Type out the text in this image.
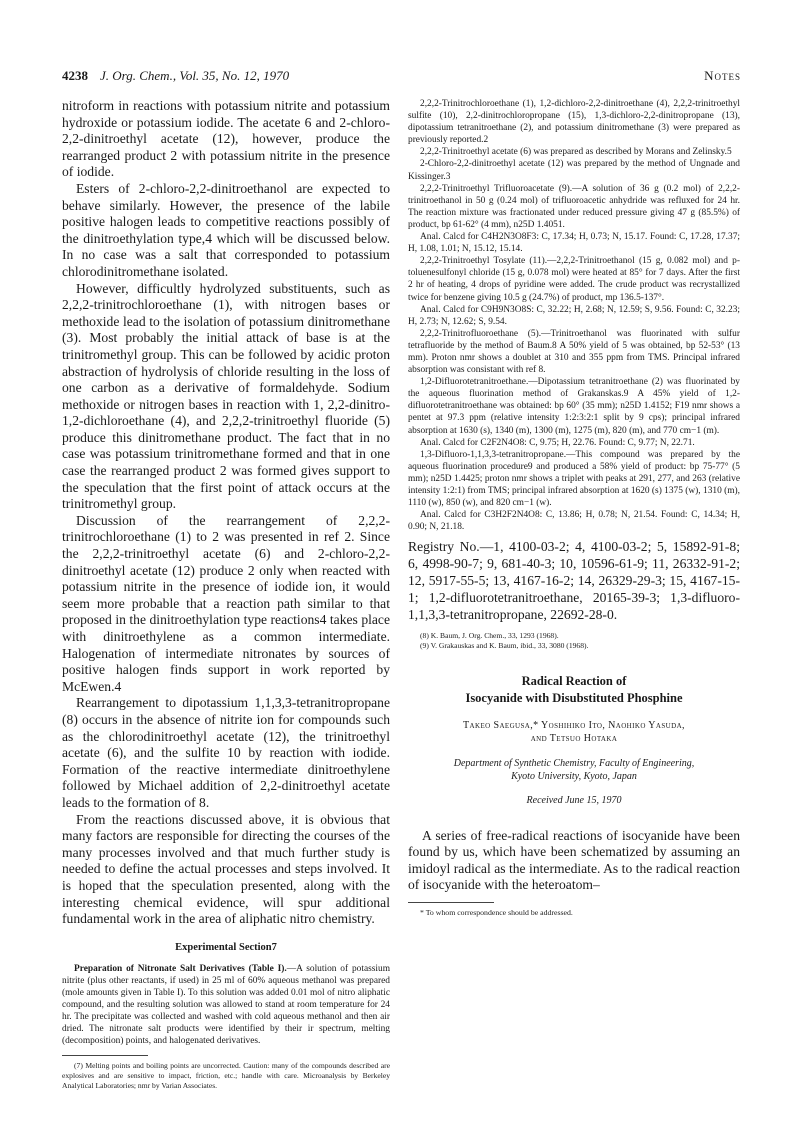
4238 J. Org. Chem., Vol. 35, No. 12, 1970	Notes

nitroform in reactions with potassium nitrite and potassium hydroxide or potassium iodide. The acetate 6 and 2-chloro-2,2-dinitroethyl acetate (12), however, produce the rearranged product 2 with potassium nitrite in the presence of iodide.

Esters of 2-chloro-2,2-dinitroethanol are expected to behave similarly. However, the presence of the labile positive halogen leads to competitive reactions possibly of the dinitroethylation type,4 which will be discussed below. In no case was a salt that corresponded to potassium chlorodinitromethane isolated.

However, difficultly hydrolyzed substituents, such as 2,2,2-trinitrochloroethane (1), with nitrogen bases or methoxide lead to the isolation of potassium dinitromethane (3). Most probably the initial attack of base is at the trinitromethyl group. This can be followed by acidic proton abstraction of hydrolysis of chloride resulting in the loss of one carbon as a derivative of formaldehyde. Sodium methoxide or nitrogen bases in reaction with 1, 2,2-dinitro-1,2-dichloroethane (4), and 2,2,2-trinitroethyl fluoride (5) produce this dinitromethane product. The fact that in no case was potassium trinitromethane formed and that in one case the rearranged product 2 was formed gives support to the speculation that the first point of attack occurs at the trinitromethyl group.

Discussion of the rearrangement of 2,2,2-trinitrochloroethane (1) to 2 was presented in ref 2. Since the 2,2,2-trinitroethyl acetate (6) and 2-chloro-2,2-dinitroethyl acetate (12) produce 2 only when reacted with potassium nitrite in the presence of iodide ion, it would seem more probable that a reaction path similar to that proposed in the dinitroethylation type reactions4 takes place with dinitroethylene as a common intermediate. Halogenation of intermediate nitronates by sources of positive halogen finds support in work reported by McEwen.4

Rearrangement to dipotassium 1,1,3,3-tetranitropropane (8) occurs in the absence of nitrite ion for compounds such as the chlorodinitroethyl acetate (12), the trinitroethyl acetate (6), and the sulfite 10 by reaction with iodide. Formation of the reactive intermediate dinitroethylene followed by Michael addition of 2,2-dinitroethyl acetate leads to the formation of 8.

From the reactions discussed above, it is obvious that many factors are responsible for directing the courses of the many processes involved and that much further study is needed to define the actual processes and steps involved. It is hoped that the speculation presented, along with the interesting chemical evidence, will spur additional fundamental work in the area of aliphatic nitro chemistry.

Experimental Section7

Preparation of Nitronate Salt Derivatives (Table I).—A solution of potassium nitrite (plus other reactants, if used) in 25 ml of 60% aqueous methanol was prepared (mole amounts given in Table I). To this solution was added 0.01 mol of nitro aliphatic compound, and the resulting solution was allowed to stand at room temperature for 24 hr. The precipitate was collected and washed with cold aqueous methanol and then air dried. The nitronate salt products were identified by their ir spectrum, melting (decomposition) points, and halogenated derivatives.

(7) Melting points and boiling points are uncorrected. Caution: many of the compounds described are explosives and are sensitive to impact, friction, etc.; handle with care. Microanalysis by Berkeley Analytical Laboratories; nmr by Varian Associates.

2,2,2-Trinitrochloroethane (1), 1,2-dichloro-2,2-dinitroethane (4), 2,2,2-trinitroethyl sulfite (10), 2,2-dinitrochloropropane (15), 1,3-dichloro-2,2-dinitropropane (13), dipotassium tetranitroethane (2), and potassium dinitromethane (3) were prepared as previously reported.2

2,2,2-Trinitroethyl acetate (6) was prepared as described by Morans and Zelinsky.5

2-Chloro-2,2-dinitroethyl acetate (12) was prepared by the method of Ungnade and Kissinger.3

2,2,2-Trinitroethyl Trifluoroacetate (9).—A solution of 36 g (0.2 mol) of 2,2,2-trinitroethanol in 50 g (0.24 mol) of trifluoroacetic anhydride was refluxed for 24 hr. The reaction mixture was fractionated under reduced pressure giving 47 g (85.5%) of product, bp 61-62° (4 mm), n25D 1.4051.

Anal. Calcd for C4H2N3O8F3: C, 17.34; H, 0.73; N, 15.17. Found: C, 17.28, 17.37; H, 1.08, 1.01; N, 15.12, 15.14.

2,2,2-Trinitroethyl Tosylate (11).—2,2,2-Trinitroethanol (15 g, 0.082 mol) and p-toluenesulfonyl chloride (15 g, 0.078 mol) were heated at 85° for 7 days. After the first 2 hr of heating, 4 drops of pyridine were added. The crude product was recrystallized twice for benzene giving 10.5 g (24.7%) of product, mp 136.5-137°.

Anal. Calcd for C9H9N3O8S: C, 32.22; H, 2.68; N, 12.59; S, 9.56. Found: C, 32.23; H, 2.73; N, 12.62; S, 9.54.

2,2,2-Trinitrofluoroethane (5).—Trinitroethanol was fluorinated with sulfur tetrafluoride by the method of Baum.8 A 50% yield of 5 was obtained, bp 52-53° (13 mm). Proton nmr shows a doublet at 310 and 355 ppm from TMS. Principal infrared absorption was consistant with ref 8.

1,2-Difluorotetranitroethane.—Dipotassium tetranitroethane (2) was fluorinated by the aqueous fluorination method of Grakanskas.9 A 45% yield of 1,2-difluorotetranitroethane was obtained: bp 60° (35 mm); n25D 1.4152; F19 nmr shows a pentet at 97.3 ppm (relative intensity 1:2:3:2:1 split by 9 cps); principal infrared absorption at 1630 (s), 1340 (m), 1300 (m), 1275 (m), 820 (m), and 770 cm−1 (m).

Anal. Calcd for C2F2N4O8: C, 9.75; H, 22.76. Found: C, 9.77; N, 22.71.

1,3-Difluoro-1,1,3,3-tetranitropropane.—This compound was prepared by the aqueous fluorination procedure9 and produced a 58% yield of product: bp 75-77° (5 mm); n25D 1.4425; proton nmr shows a triplet with peaks at 291, 277, and 263 (relative intensity 1:2:1) from TMS; principal infrared absorption at 1620 (s) 1375 (w), 1310 (m), 1110 (w), 850 (w), and 820 cm−1 (w).

Anal. Calcd for C3H2F2N4O8: C, 13.86; H, 0.78; N, 21.54. Found: C, 14.34; H, 0.90; N, 21.18.

Registry No.—1, 4100-03-2; 4, 4100-03-2; 5, 15892-91-8; 6, 4998-90-7; 9, 681-40-3; 10, 10596-61-9; 11, 26332-91-2; 12, 5917-55-5; 13, 4167-16-2; 14, 26329-29-3; 15, 4167-15-1; 1,2-difluorotetranitroethane, 20165-39-3; 1,3-difluoro-1,1,3,3-tetranitropropane, 22692-28-0.

(8) K. Baum, J. Org. Chem., 33, 1293 (1968).
(9) V. Grakauskas and K. Baum, ibid., 33, 3080 (1968).
Radical Reaction of
Isocyanide with Disubstituted Phosphine
Takeo Saegusa,* Yoshihiko Ito, Naohiko Yasuda,
and Tetsuo Hotaka
Department of Synthetic Chemistry, Faculty of Engineering,
Kyoto University, Kyoto, Japan
Received June 15, 1970

A series of free-radical reactions of isocyanide have been found by us, which have been schematized by assuming an imidoyl radical as the intermediate. As to the radical reaction of isocyanide with the heteroatom–

* To whom correspondence should be addressed.
